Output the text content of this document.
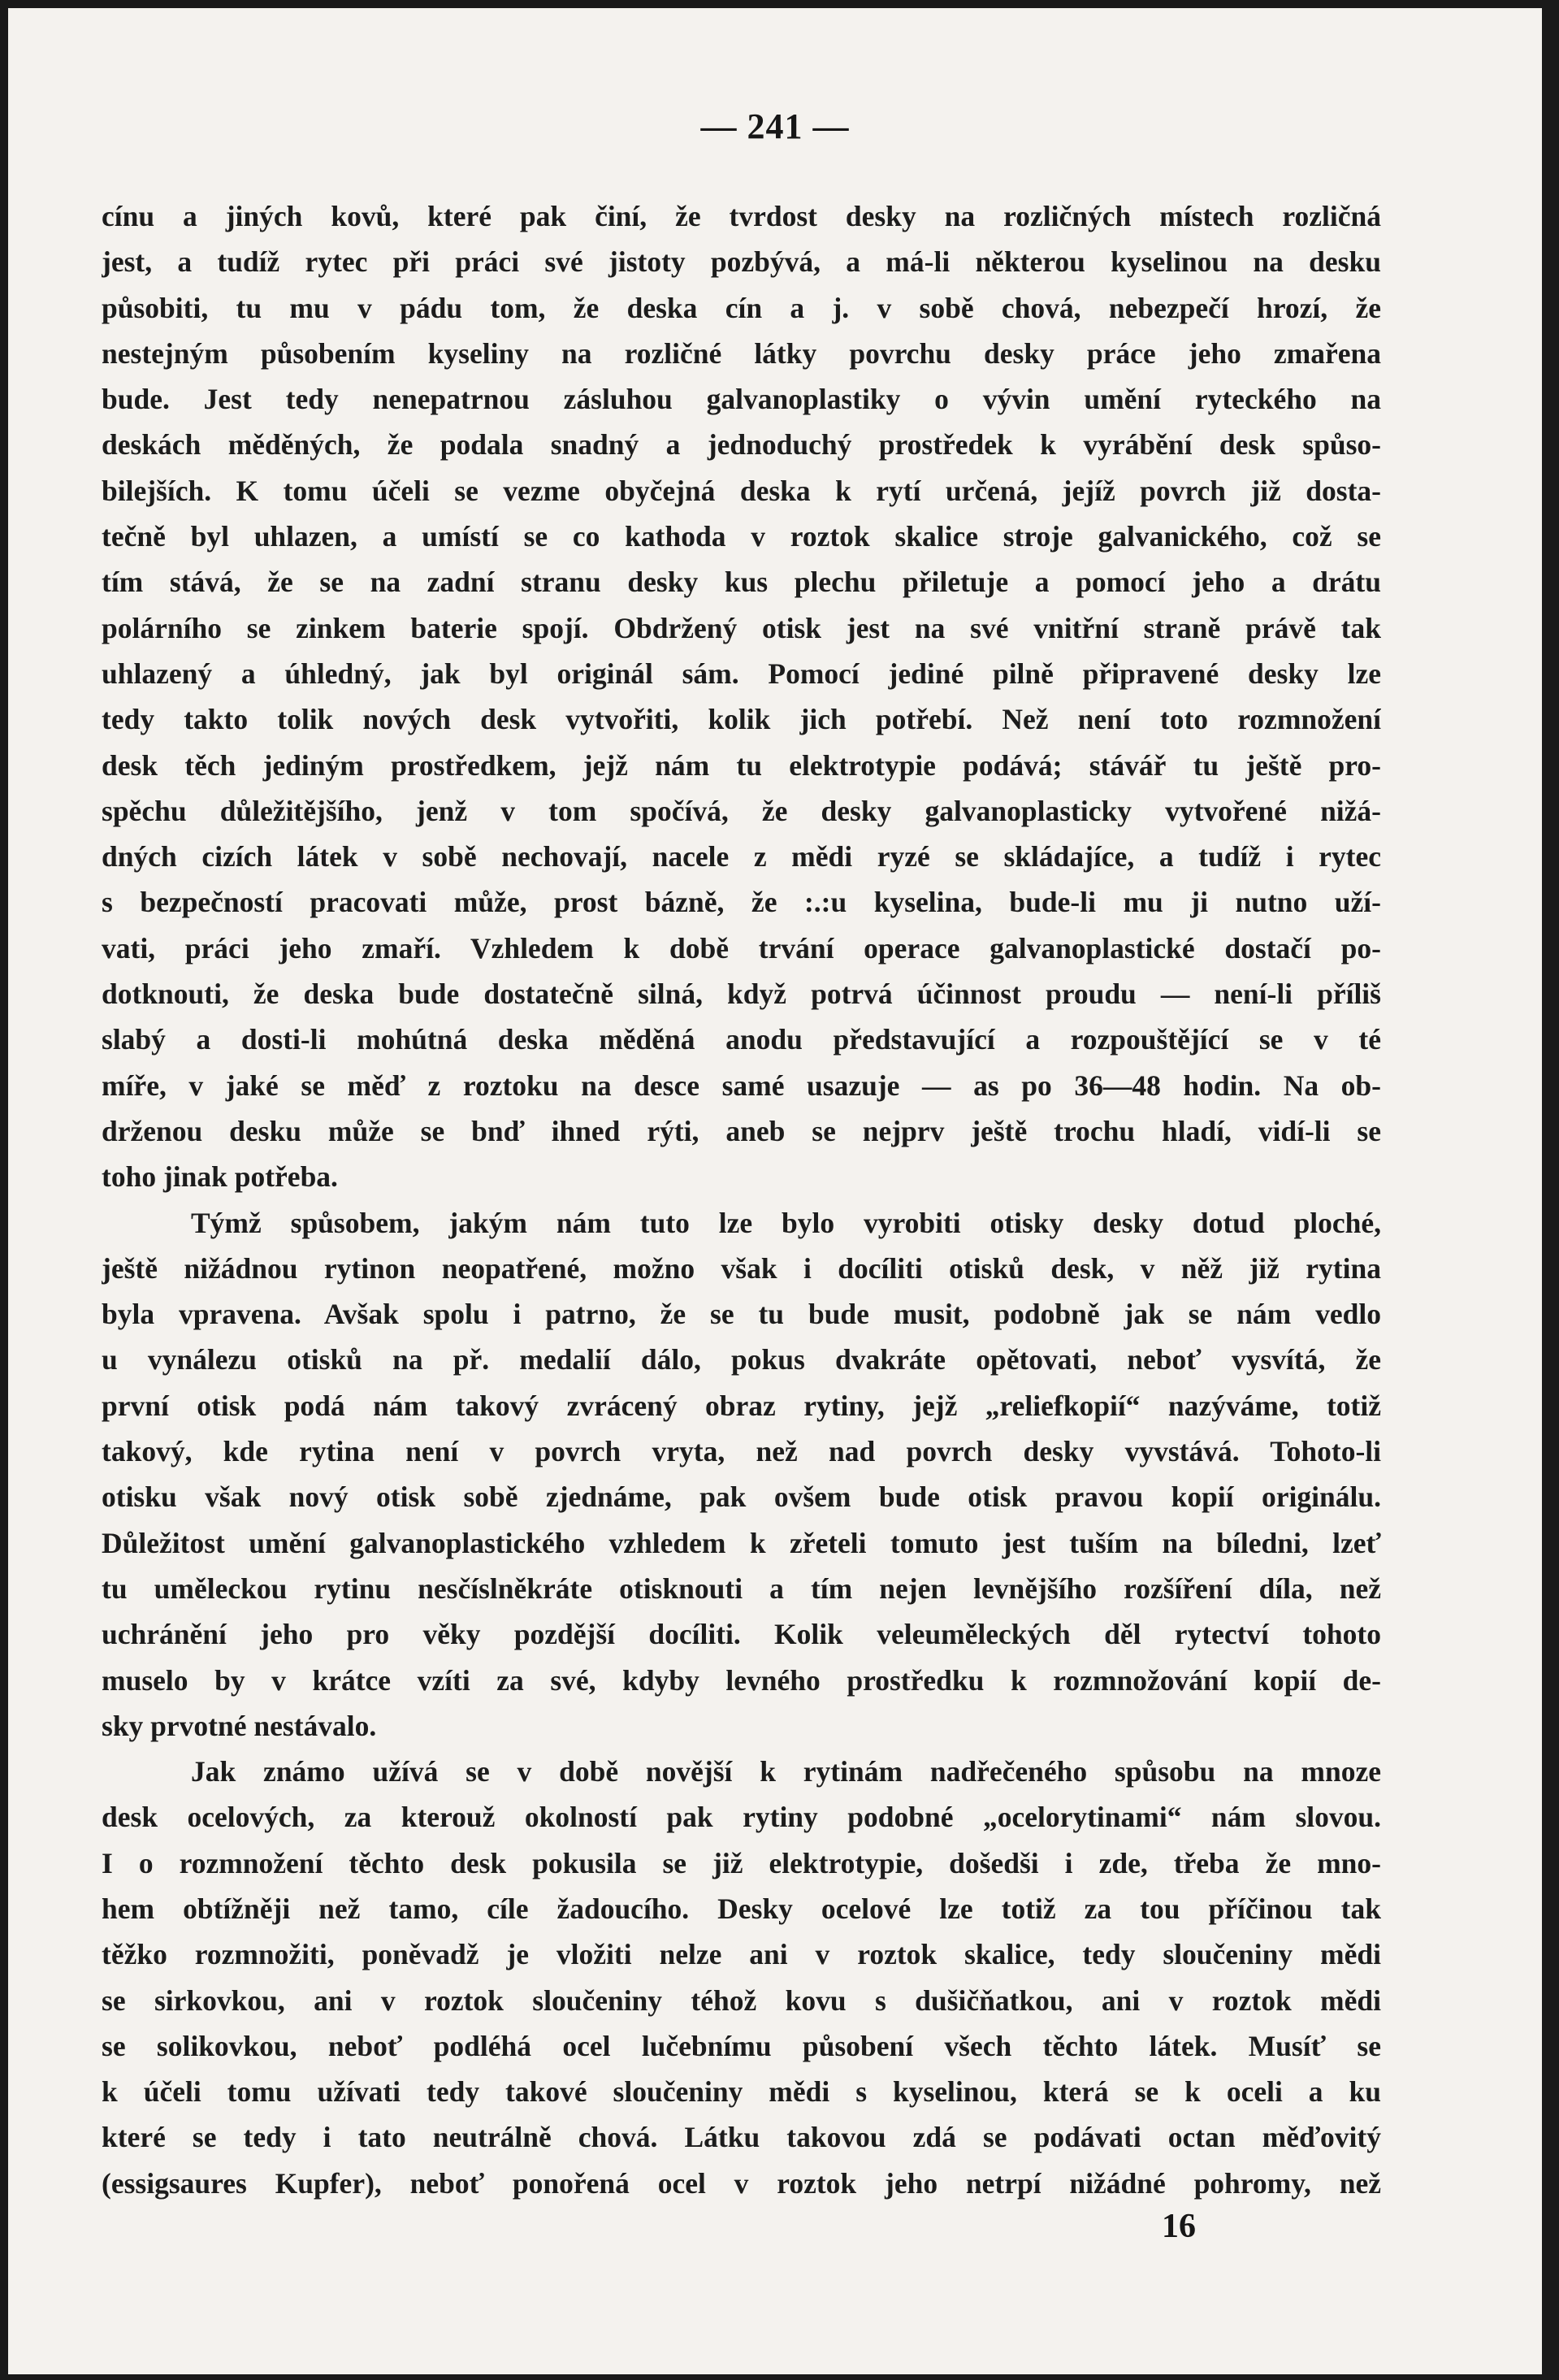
— 241 —
cínu a jiných kovů, které pak činí, že tvrdost desky na rozličných místech rozličná
jest, a tudíž rytec při práci své jistoty pozbývá, a má-li některou kyselinou na desku
působiti, tu mu v pádu tom, že deska cín a j. v sobě chová, nebezpečí hrozí, že
nestejným působením kyseliny na rozličné látky povrchu desky práce jeho zmařena
bude. Jest tedy nenepatrnou zásluhou galvanoplastiky o vývin umění ryteckého na
deskách měděných, že podala snadný a jednoduchý prostředek k vyrábění desk spůso-
bilejších. K tomu účeli se vezme obyčejná deska k rytí určená, jejíž povrch již dosta-
tečně byl uhlazen, a umístí se co kathoda v roztok skalice stroje galvanického, což se
tím stává, že se na zadní stranu desky kus plechu přiletuje a pomocí jeho a drátu
polárního se zinkem baterie spojí. Obdržený otisk jest na své vnitřní straně právě tak
uhlazený a úhledný, jak byl originál sám. Pomocí jediné pilně připravené desky lze
tedy takto tolik nových desk vytvořiti, kolik jich potřebí. Než není toto rozmnožení
desk těch jediným prostředkem, jejž nám tu elektrotypie podává; stávář tu ještě pro-
spěchu důležitějšího, jenž v tom spočívá, že desky galvanoplasticky vytvořené nižá-
dných cizích látek v sobě nechovají, nacele z mědi ryzé se skládajíce, a tudíž i rytec
s bezpečností pracovati může, prost bázně, že :.:u kyselina, bude-li mu ji nutno uží-
vati, práci jeho zmaří. Vzhledem k době trvání operace galvanoplastické dostačí po-
dotknouti, že deska bude dostatečně silná, když potrvá účinnost proudu — není-li příliš
slabý a dosti-li mohútná deska měděná anodu představující a rozpouštějící se v té
míře, v jaké se měď z roztoku na desce samé usazuje — as po 36—48 hodin. Na ob-
drženou desku může se bnď ihned rýti, aneb se nejprv ještě trochu hladí, vidí-li se
toho jinak potřeba.
Týmž spůsobem, jakým nám tuto lze bylo vyrobiti otisky desky dotud ploché,
ještě nižádnou rytinon neopatřené, možno však i docíliti otisků desk, v něž již rytina
byla vpravena. Avšak spolu i patrno, že se tu bude musit, podobně jak se nám vedlo
u vynálezu otisků na př. medalií dálo, pokus dvakráte opětovati, neboť vysvítá, že
první otisk podá nám takový zvrácený obraz rytiny, jejž „reliefkopií“ nazýváme, totiž
takový, kde rytina není v povrch vryta, než nad povrch desky vyvstává. Tohoto-li
otisku však nový otisk sobě zjednáme, pak ovšem bude otisk pravou kopií originálu.
Důležitost umění galvanoplastického vzhledem k zřeteli tomuto jest tuším na bíledni, lzeť
tu uměleckou rytinu nesčíslněkráte otisknouti a tím nejen levnějšího rozšíření díla, než
uchránění jeho pro věky pozdější docíliti. Kolik veleuměleckých děl rytectví tohoto
muselo by v krátce vzíti za své, kdyby levného prostředku k rozmnožování kopií de-
sky prvotné nestávalo.
Jak známo užívá se v době novější k rytinám nadřečeného spůsobu na mnoze
desk ocelových, za kterouž okolností pak rytiny podobné „ocelorytinami“ nám slovou.
I o rozmnožení těchto desk pokusila se již elektrotypie, došedši i zde, třeba že mno-
hem obtížněji než tamo, cíle žadoucího. Desky ocelové lze totiž za tou příčinou tak
těžko rozmnožiti, poněvadž je vložiti nelze ani v roztok skalice, tedy sloučeniny mědi
se sirkovkou, ani v roztok sloučeniny téhož kovu s dušičňatkou, ani v roztok mědi
se solikovkou, neboť podléhá ocel lučebnímu působení všech těchto látek. Musíť se
k účeli tomu užívati tedy takové sloučeniny mědi s kyselinou, která se k oceli a ku
které se tedy i tato neutrálně chová. Látku takovou zdá se podávati octan měďovitý
(essigsaures Kupfer), neboť ponořená ocel v roztok jeho netrpí nižádné pohromy, než
16
